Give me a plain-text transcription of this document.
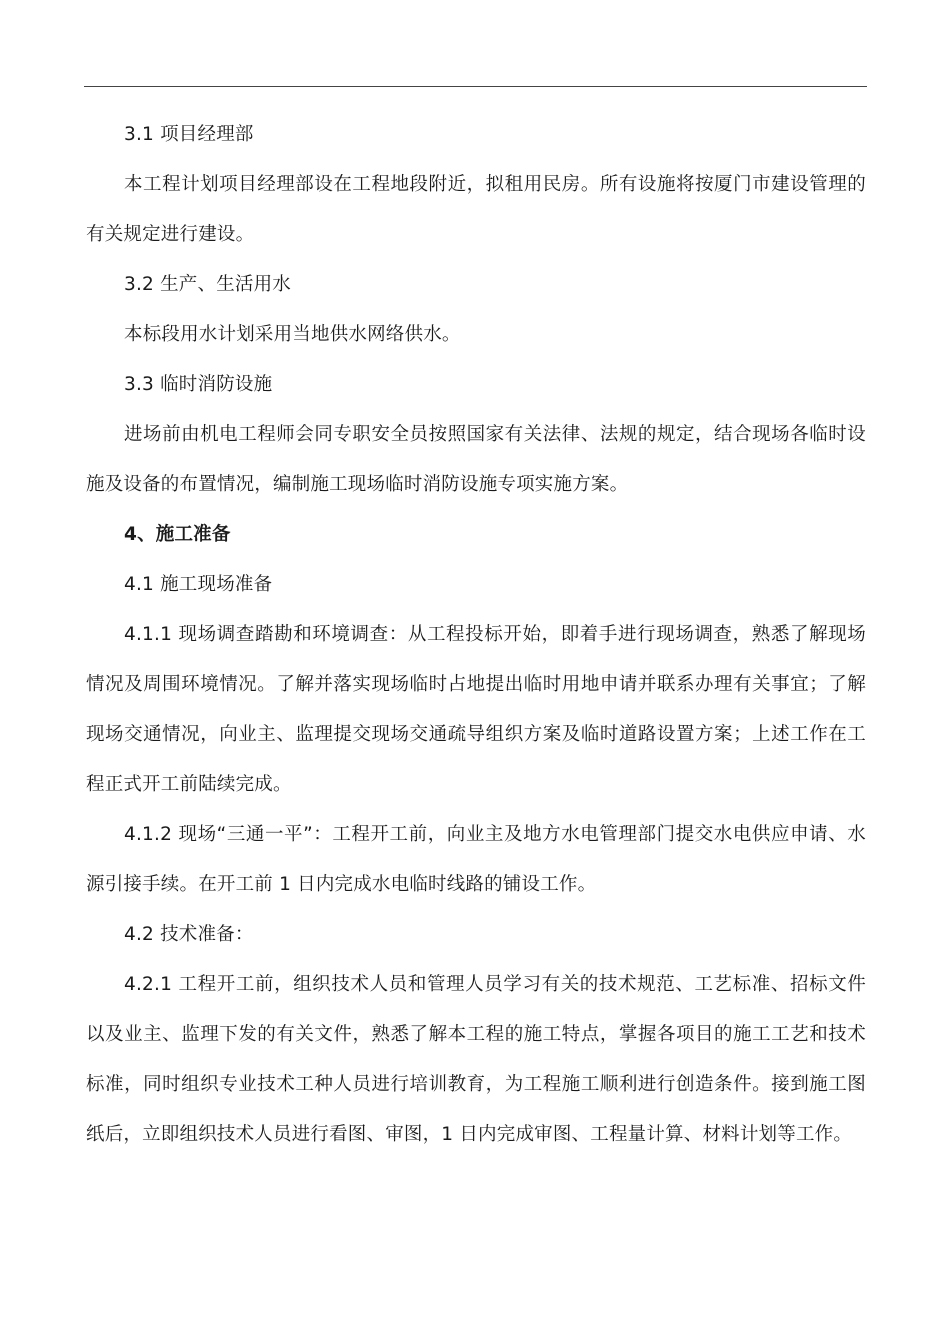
3.1 项目经理部

本工程计划项目经理部设在工程地段附近，拟租用民房。所有设施将按厦门市建设管理的有关规定进行建设。

3.2 生产、生活用水

本标段用水计划采用当地供水网络供水。

3.3 临时消防设施

进场前由机电工程师会同专职安全员按照国家有关法律、法规的规定，结合现场各临时设施及设备的布置情况，编制施工现场临时消防设施专项实施方案。

4、施工准备

4.1 施工现场准备

4.1.1 现场调查踏勘和环境调查：从工程投标开始，即着手进行现场调查，熟悉了解现场情况及周围环境情况。了解并落实现场临时占地提出临时用地申请并联系办理有关事宜；了解现场交通情况，向业主、监理提交现场交通疏导组织方案及临时道路设置方案；上述工作在工程正式开工前陆续完成。

4.1.2 现场“三通一平”：工程开工前，向业主及地方水电管理部门提交水电供应申请、水源引接手续。在开工前 1 日内完成水电临时线路的铺设工作。

4.2 技术准备：

4.2.1 工程开工前，组织技术人员和管理人员学习有关的技术规范、工艺标准、招标文件以及业主、监理下发的有关文件，熟悉了解本工程的施工特点，掌握各项目的施工工艺和技术标准，同时组织专业技术工种人员进行培训教育，为工程施工顺利进行创造条件。接到施工图纸后，立即组织技术人员进行看图、审图，1 日内完成审图、工程量计算、材料计划等工作。
